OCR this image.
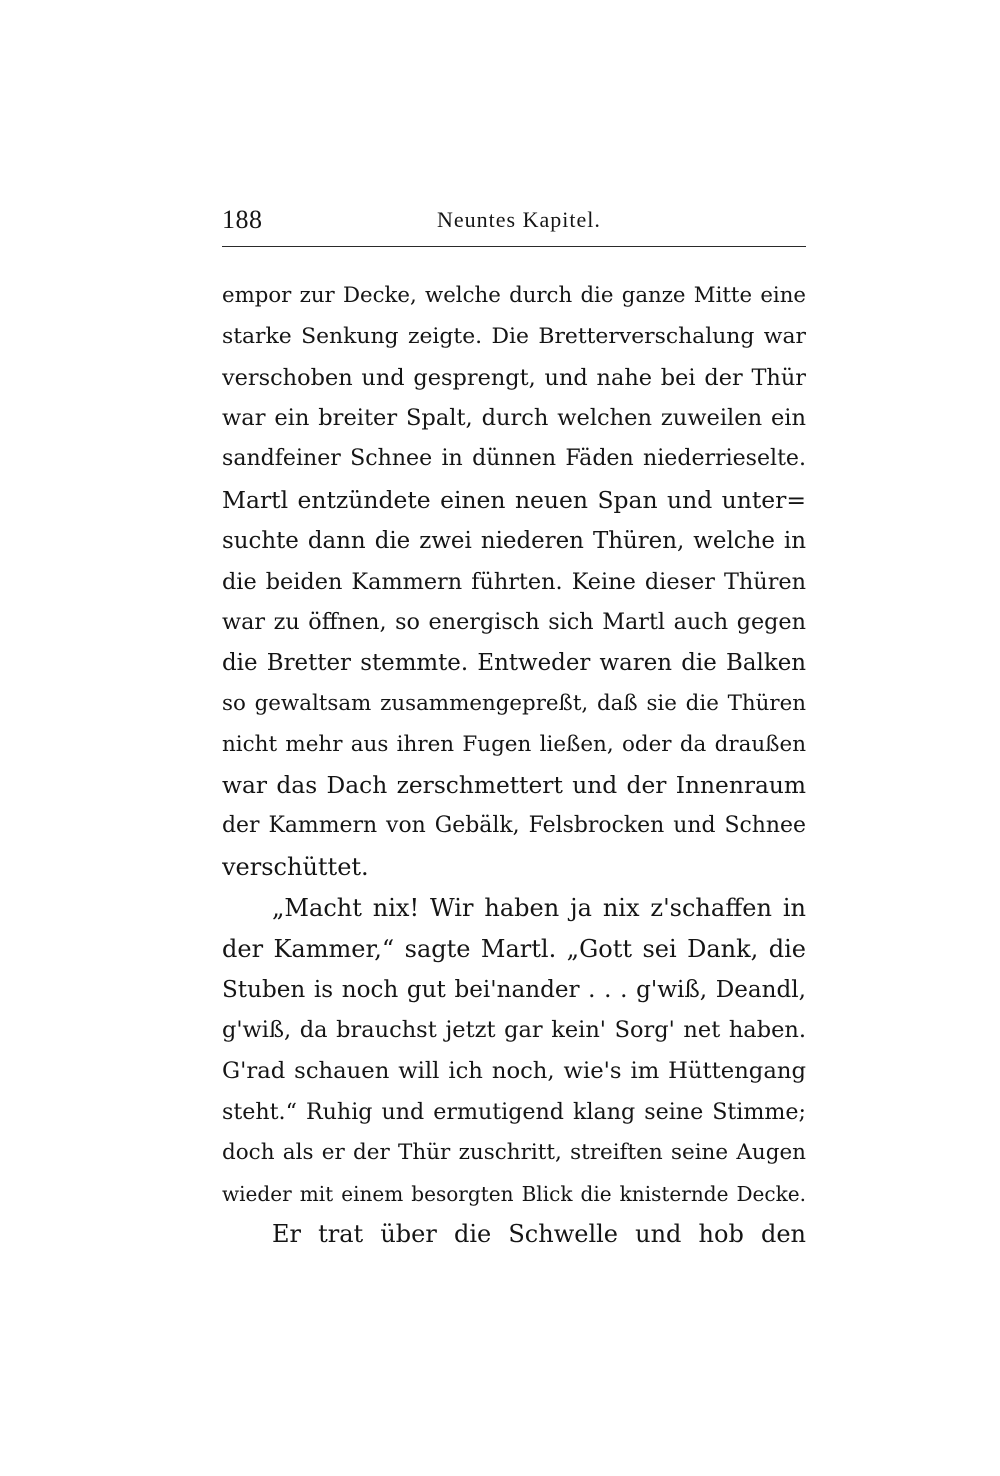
188	Neuntes Kapitel.
empor zur Decke, welche durch die ganze Mitte eine
starke Senkung zeigte. Die Bretterverschalung war
verschoben und gesprengt, und nahe bei der Thür
war ein breiter Spalt, durch welchen zuweilen ein
sandfeiner Schnee in dünnen Fäden niederrieselte.
Martl entzündete einen neuen Span und unter=
suchte dann die zwei niederen Thüren, welche in
die beiden Kammern führten. Keine dieser Thüren
war zu öffnen, so energisch sich Martl auch gegen
die Bretter stemmte. Entweder waren die Balken
so gewaltsam zusammengepreßt, daß sie die Thüren
nicht mehr aus ihren Fugen ließen, oder da draußen
war das Dach zerschmettert und der Innenraum
der Kammern von Gebälk, Felsbrocken und Schnee
verschüttet.
„Macht nix! Wir haben ja nix z'schaffen in
der Kammer,“ sagte Martl. „Gott sei Dank, die
Stuben is noch gut bei'nander . . . g'wiß, Deandl,
g'wiß, da brauchst jetzt gar kein' Sorg' net haben.
G'rad schauen will ich noch, wie's im Hüttengang
steht.“ Ruhig und ermutigend klang seine Stimme;
doch als er der Thür zuschritt, streiften seine Augen
wieder mit einem besorgten Blick die knisternde Decke.
Er trat über die Schwelle und hob den
